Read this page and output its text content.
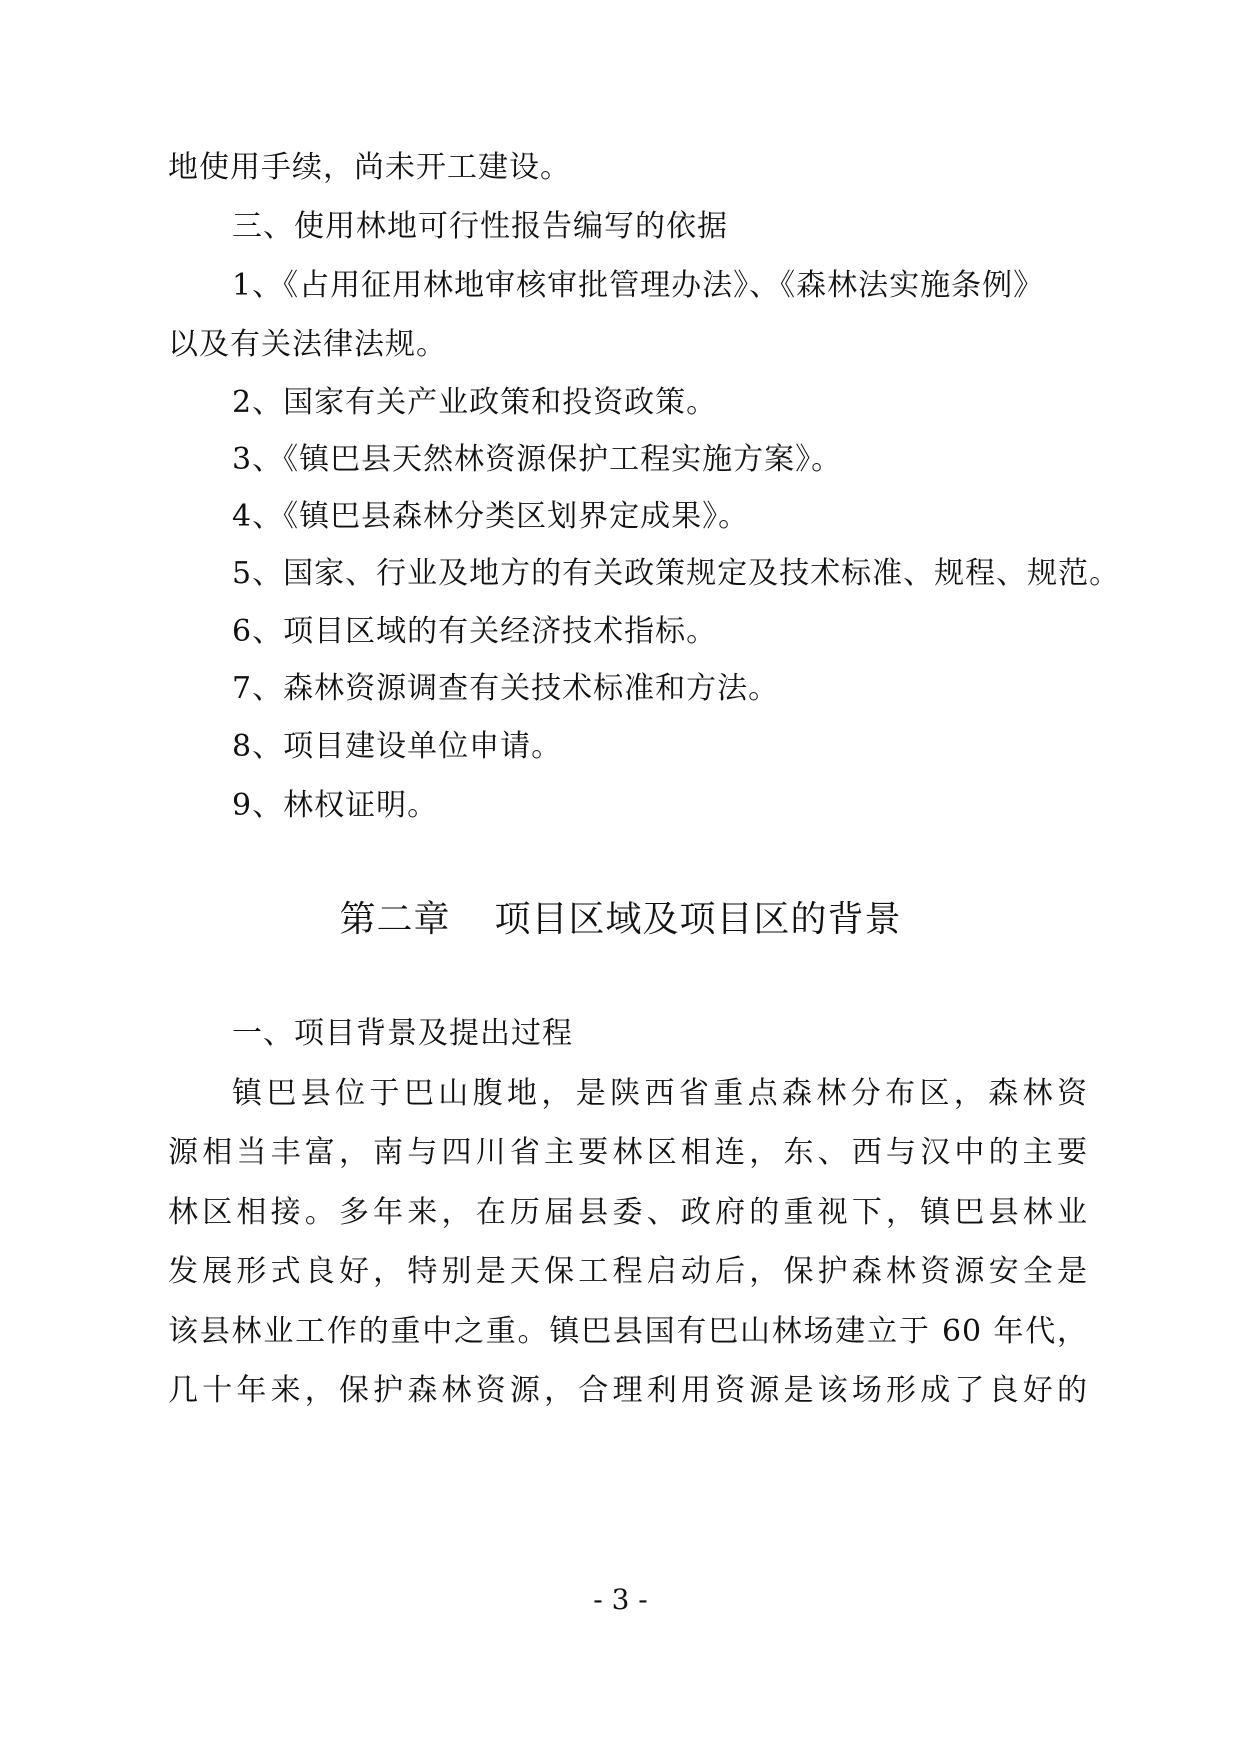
地使用手续，尚未开工建设。
三、使用林地可行性报告编写的依据
1、《占用征用林地审核审批管理办法》、《森林法实施条例》
以及有关法律法规。
2、国家有关产业政策和投资政策。
3、《镇巴县天然林资源保护工程实施方案》。
4、《镇巴县森林分类区划界定成果》。
5、国家、行业及地方的有关政策规定及技术标准、规程、规范。
6、项目区域的有关经济技术指标。
7、森林资源调查有关技术标准和方法。
8、项目建设单位申请。
9、林权证明。
第二章 项目区域及项目区的背景
一、项目背景及提出过程
镇巴县位于巴山腹地，是陕西省重点森林分布区，森林资
源相当丰富，南与四川省主要林区相连，东、西与汉中的主要
林区相接。多年来，在历届县委、政府的重视下，镇巴县林业
发展形式良好，特别是天保工程启动后，保护森林资源安全是
该县林业工作的重中之重。镇巴县国有巴山林场建立于 60 年代，
几十年来，保护森林资源，合理利用资源是该场形成了良好的
- 3 -
